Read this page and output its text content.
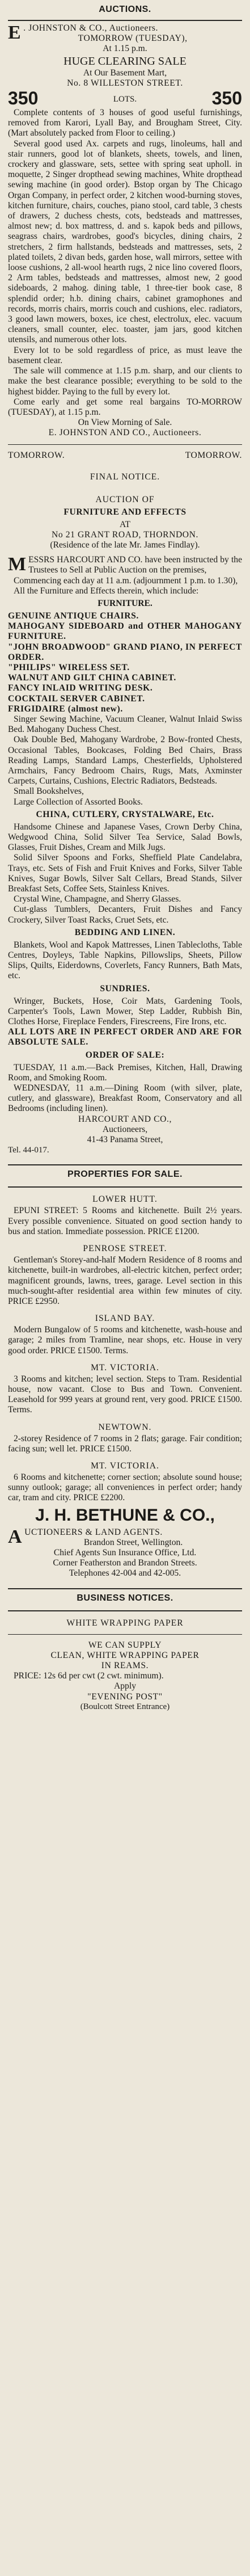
AUCTIONS.

E . JOHNSTON & CO., Auctioneers.

TOMORROW (TUESDAY),

At 1.15 p.m.

HUGE CLEARING SALE

At Our Basement Mart,

No. 8 WILLESTON STREET.

350	LOTS.	350

Complete contents of 3 houses of good useful furnishings, removed from Karori, Lyall Bay, and Brougham Street, City. (Mart absolutely packed from Floor to ceiling.)

Several good used Ax. carpets and rugs, linoleums, hall and stair runners, good lot of blankets, sheets, towels, and linen, crockery and glassware, sets, settee with spring seat upholl. in moquette, 2 Singer dropthead sewing machines, White dropthead sewing machine (in good order). Bstop organ by The Chicago Organ Company, in perfect order, 2 kitchen wood-burning stoves, kitchen furniture, chairs, couches, piano stool, card table, 3 chests of drawers, 2 duchess chests, cots, bedsteads and mattresses, almost new; d. box mattress, d. and s. kapok beds and pillows, seagrass chairs, wardrobes, good's bicycles, dining chairs, 2 stretchers, 2 firm hallstands, bedsteads and mattresses, sets, 2 plated toilets, 2 divan beds, garden hose, wall mirrors, settee with loose cushions, 2 all-wool hearth rugs, 2 nice lino covered floors, 2 Arm tables, bedsteads and mattresses, almost new, 2 good sideboards, 2 mahog. dining table, 1 three-tier book case, 8 splendid order; h.b. dining chairs, cabinet gramophones and records, morris chairs, morris couch and cushions, elec. radiators, 3 good lawn mowers, boxes, ice chest, electrolux, elec. vacuum cleaners, small counter, elec. toaster, jam jars, good kitchen utensils, and numerous other lots.

Every lot to be sold regardless of price, as must leave the basement clear.

The sale will commence at 1.15 p.m. sharp, and our clients to make the best clearance possible; everything to be sold to the highest bidder. Paying to the full by every lot.

Come early and get some real bargains TO-MORROW (TUESDAY), at 1.15 p.m.

On View Morning of Sale.

E. JOHNSTON AND CO., Auctioneers.

TOMORROW.	TOMORROW.

FINAL NOTICE.

AUCTION OF

FURNITURE AND EFFECTS

AT

No 21 GRANT ROAD, THORNDON.

(Residence of the late Mr. James Findlay).

MESSRS HARCOURT AND CO. have been instructed by the Trustees to Sell at Public Auction on the premises,

Commencing each day at 11 a.m. (adjournment 1 p.m. to 1.30),

All the Furniture and Effects therein, which include:

FURNITURE.

GENUINE ANTIQUE CHAIRS.

MAHOGANY SIDEBOARD and OTHER MAHOGANY FURNITURE.

"JOHN BROADWOOD" GRAND PIANO, IN PERFECT ORDER.

"PHILIPS" WIRELESS SET.

WALNUT AND GILT CHINA CABINET.

FANCY INLAID WRITING DESK.

COCKTAIL SERVER CABINET.

FRIGIDAIRE (almost new).

Singer Sewing Machine, Vacuum Cleaner, Walnut Inlaid Swiss Bed. Mahogany Duchess Chest.

Oak Double Bed, Mahogany Wardrobe, 2 Bow-fronted Chests, Occasional Tables, Bookcases, Folding Bed Chairs, Brass Reading Lamps, Standard Lamps, Chesterfields, Upholstered Armchairs, Fancy Bedroom Chairs, Rugs, Mats, Axminster Carpets, Curtains, Cushions, Electric Radiators, Bedsteads.

Small Bookshelves,

Large Collection of Assorted Books.

CHINA, CUTLERY, CRYSTALWARE, Etc.

Handsome Chinese and Japanese Vases, Crown Derby China, Wedgwood China, Solid Silver Tea Service, Salad Bowls, Glasses, Fruit Dishes, Cream and Milk Jugs.

Solid Silver Spoons and Forks, Sheffield Plate Candelabra, Trays, etc. Sets of Fish and Fruit Knives and Forks, Silver Table Knives, Sugar Bowls, Silver Salt Cellars, Bread Stands, Silver Breakfast Sets, Coffee Sets, Stainless Knives.

Crystal Wine, Champagne, and Sherry Glasses.

Cut-glass Tumblers, Decanters, Fruit Dishes and Fancy Crockery, Silver Toast Racks, Cruet Sets, etc.

BEDDING AND LINEN.

Blankets, Wool and Kapok Mattresses, Linen Tablecloths, Table Centres, Doyleys, Table Napkins, Pillowslips, Sheets, Pillow Slips, Quilts, Eiderdowns, Coverlets, Fancy Runners, Bath Mats, etc.

SUNDRIES.

Wringer, Buckets, Hose, Coir Mats, Gardening Tools, Carpenter's Tools, Lawn Mower, Step Ladder, Rubbish Bin, Clothes Horse, Fireplace Fenders, Firescreens, Fire Irons, etc.

ALL LOTS ARE IN PERFECT ORDER AND ARE FOR ABSOLUTE SALE.

ORDER OF SALE:

TUESDAY, 11 a.m.—Back Premises, Kitchen, Hall, Drawing Room, and Smoking Room.

WEDNESDAY, 11 a.m.—Dining Room (with silver, plate, cutlery, and glassware), Breakfast Room, Conservatory and all Bedrooms (including linen).

HARCOURT AND CO.,

Auctioneers,

41-43 Panama Street,

Tel. 44-017.

PROPERTIES FOR SALE.

LOWER HUTT.

EPUNI STREET: 5 Rooms and kitchenette. Built 2½ years. Every possible convenience. Situated on good section handy to bus and station. Immediate possession. PRICE £1200.

PENROSE STREET.

Gentleman's Storey-and-half Modern Residence of 8 rooms and kitchenette, built-in wardrobes, all-electric kitchen, perfect order; magnificent grounds, lawns, trees, garage. Level section in this much-sought-after residential area within few minutes of city. PRICE £2950.

ISLAND BAY.

Modern Bungalow of 5 rooms and kitchenette, wash-house and garage; 2 miles from Tramline, near shops, etc. House in very good order. PRICE £1500. Terms.

MT. VICTORIA.

3 Rooms and kitchen; level section. Steps to Tram. Residential house, now vacant. Close to Bus and Town. Convenient. Leasehold for 999 years at ground rent, very good. PRICE £1500. Terms.

NEWTOWN.

2-storey Residence of 7 rooms in 2 flats; garage. Fair condition; facing sun; well let. PRICE £1500.

MT. VICTORIA.

6 Rooms and kitchenette; corner section; absolute sound house; sunny outlook; garage; all conveniences in perfect order; handy car, tram and city. PRICE £2200.

J. H. BETHUNE & CO.,

AUCTIONEERS & LAND AGENTS.

Brandon Street, Wellington.

Chief Agents Sun Insurance Office, Ltd.

Corner Featherston and Brandon Streets.

Telephones 42-004 and 42-005.

BUSINESS NOTICES.

WHITE WRAPPING PAPER

WE CAN SUPPLY

CLEAN, WHITE WRAPPING PAPER

IN REAMS.

PRICE: 12s 6d per cwt (2 cwt. minimum).

Apply

"EVENING POST"

(Boulcott Street Entrance)
